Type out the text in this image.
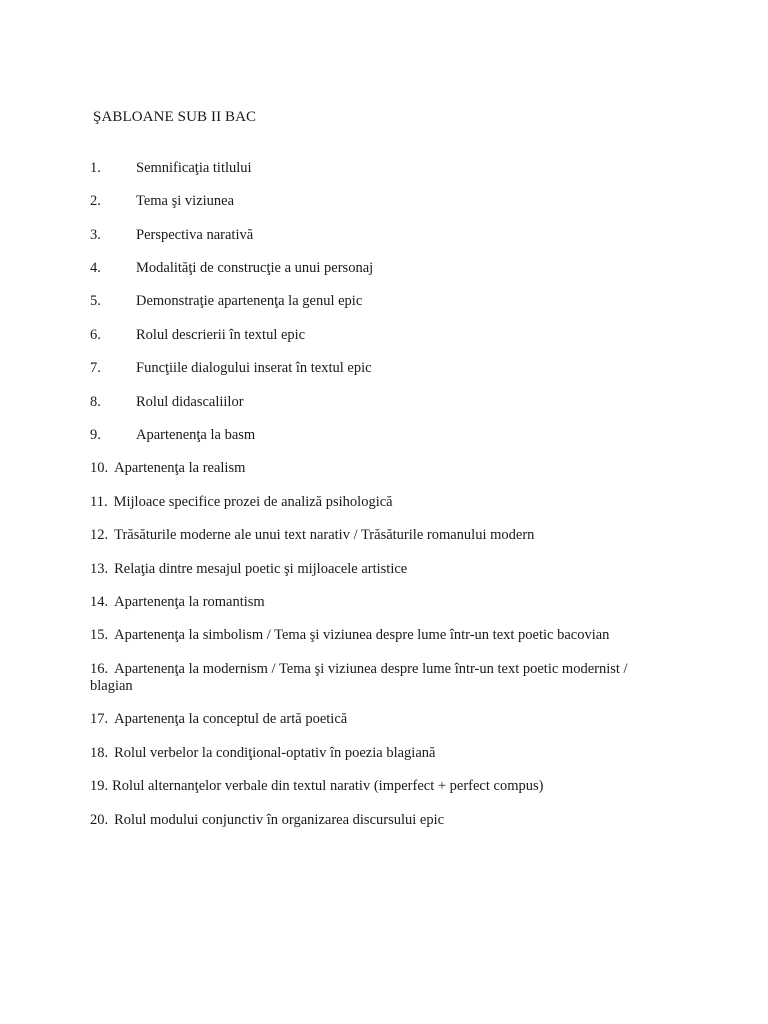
ŞABLOANE SUB II BAC
1. Semnificaţia titlului
2. Tema şi viziunea
3. Perspectiva narativă
4. Modalităţi de construcţie a unui personaj
5. Demonstraţie apartenenţa la genul epic
6. Rolul descrierii în textul epic
7. Funcţiile dialogului inserat în textul epic
8. Rolul didascaliilor
9. Apartenenţa la basm
10. Apartenenţa la realism
11. Mijloace specifice prozei de analiză psihologică
12. Trăsăturile moderne ale unui text narativ / Trăsăturile romanului modern
13. Relaţia dintre mesajul poetic şi mijloacele artistice
14. Apartenenţa la romantism
15. Apartenenţa la simbolism / Tema şi viziunea despre lume într-un text poetic bacovian
16. Apartenenţa la modernism / Tema şi viziunea despre lume într-un text poetic modernist / blagian
17. Apartenenţa la conceptul de artă poetică
18. Rolul verbelor la condiţional-optativ în poezia blagiană
19. Rolul alternanţelor verbale din textul narativ (imperfect + perfect compus)
20. Rolul modului conjunctiv în organizarea discursului epic
